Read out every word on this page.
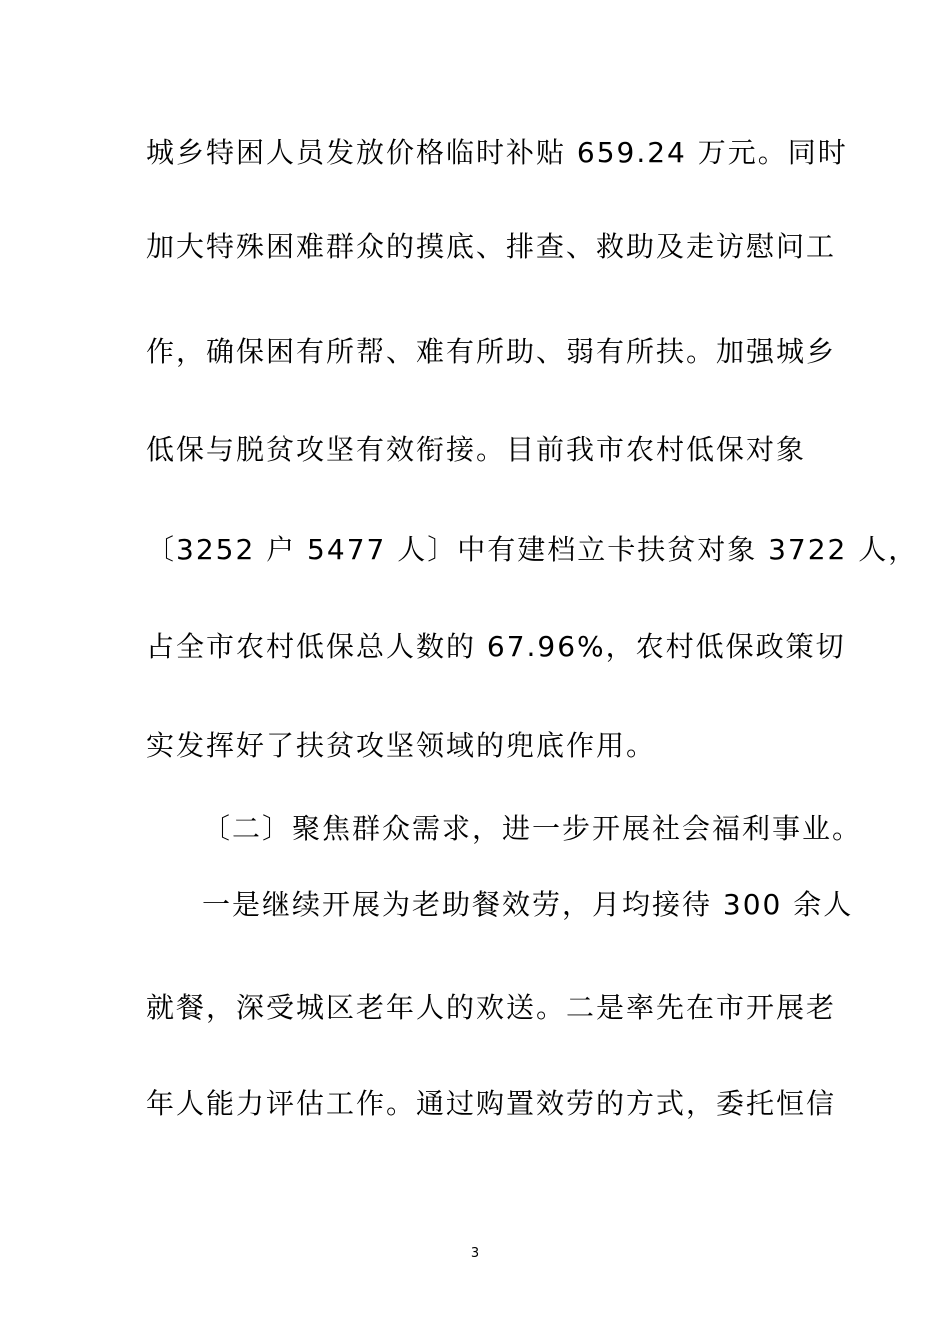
城乡特困人员发放价格临时补贴 659.24 万元。同时
加大特殊困难群众的摸底、排查、救助及走访慰问工
作，确保困有所帮、难有所助、弱有所扶。加强城乡
低保与脱贫攻坚有效衔接。目前我市农村低保对象
〔3252 户 5477 人〕中有建档立卡扶贫对象 3722 人，
占全市农村低保总人数的 67.96%，农村低保政策切
实发挥好了扶贫攻坚领域的兜底作用。
〔二〕聚焦群众需求，进一步开展社会福利事业。
一是继续开展为老助餐效劳，月均接待 300 余人
就餐，深受城区老年人的欢送。二是率先在市开展老
年人能力评估工作。通过购置效劳的方式，委托恒信
3
